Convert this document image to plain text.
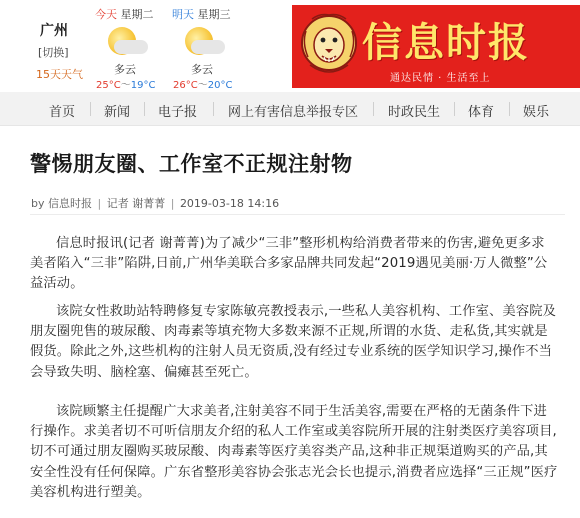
广州
[切换]
15天天气
今天 星期二
多云
25°C～19°C
明天 星期三
多云
26°C～20°C
信息时报
通达民情 · 生活至上
首页 新闻 电子报 网上有害信息举报专区 时政民生 体育 娱乐
警惕朋友圈、工作室不正规注射物
by 信息时报 | 记者 谢菁菁 | 2019-03-18 14:16

信息时报讯(记者 谢菁菁)为了减少“三非”整形机构给消费者带来的伤害,避免更多求美者陷入“三非”陷阱,日前,广州华美联合多家品牌共同发起“2019遇见美丽·万人微整”公益活动。

该院女性救助站特聘修复专家陈敏亮教授表示,一些私人美容机构、工作室、美容院及朋友圈兜售的玻尿酸、肉毒素等填充物大多数来源不正规,所谓的水货、走私货,其实就是假货。除此之外,这些机构的注射人员无资质,没有经过专业系统的医学知识学习,操作不当会导致失明、脑栓塞、偏瘫甚至死亡。

该院顾繁主任提醒广大求美者,注射美容不同于生活美容,需要在严格的无菌条件下进行操作。求美者切不可听信朋友介绍的私人工作室或美容院所开展的注射类医疗美容项目,切不可通过朋友圈购买玻尿酸、肉毒素等医疗美容类产品,这种非正规渠道购买的产品,其安全性没有任何保障。广东省整形美容协会张志光会长也提示,消费者应选择“三正规”医疗美容机构进行塑美。
